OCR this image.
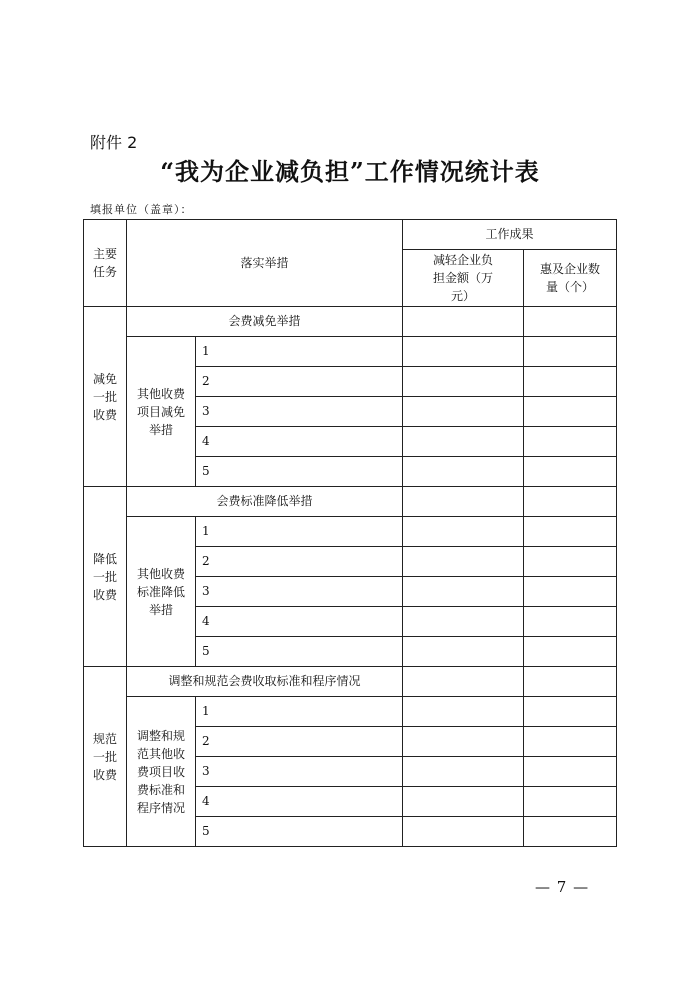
附件 2
“我为企业减负担”工作情况统计表
填报单位（盖章）：
主要任务	落实举措		工作成果	
			减轻企业负担金额（万元）	惠及企业数量（个）
减免一批收费	会费减免举措			
	其他收费项目减免举措	1		
		2		
		3		
		4		
		5		
降低一批收费	会费标准降低举措			
	其他收费标准降低举措	1		
		2		
		3		
		4		
		5		
规范一批收费	调整和规范会费收取标准和程序情况			
	调整和规范其他收费项目收费标准和程序情况	1		
		2		
		3		
		4		
		5		
— 7 —
